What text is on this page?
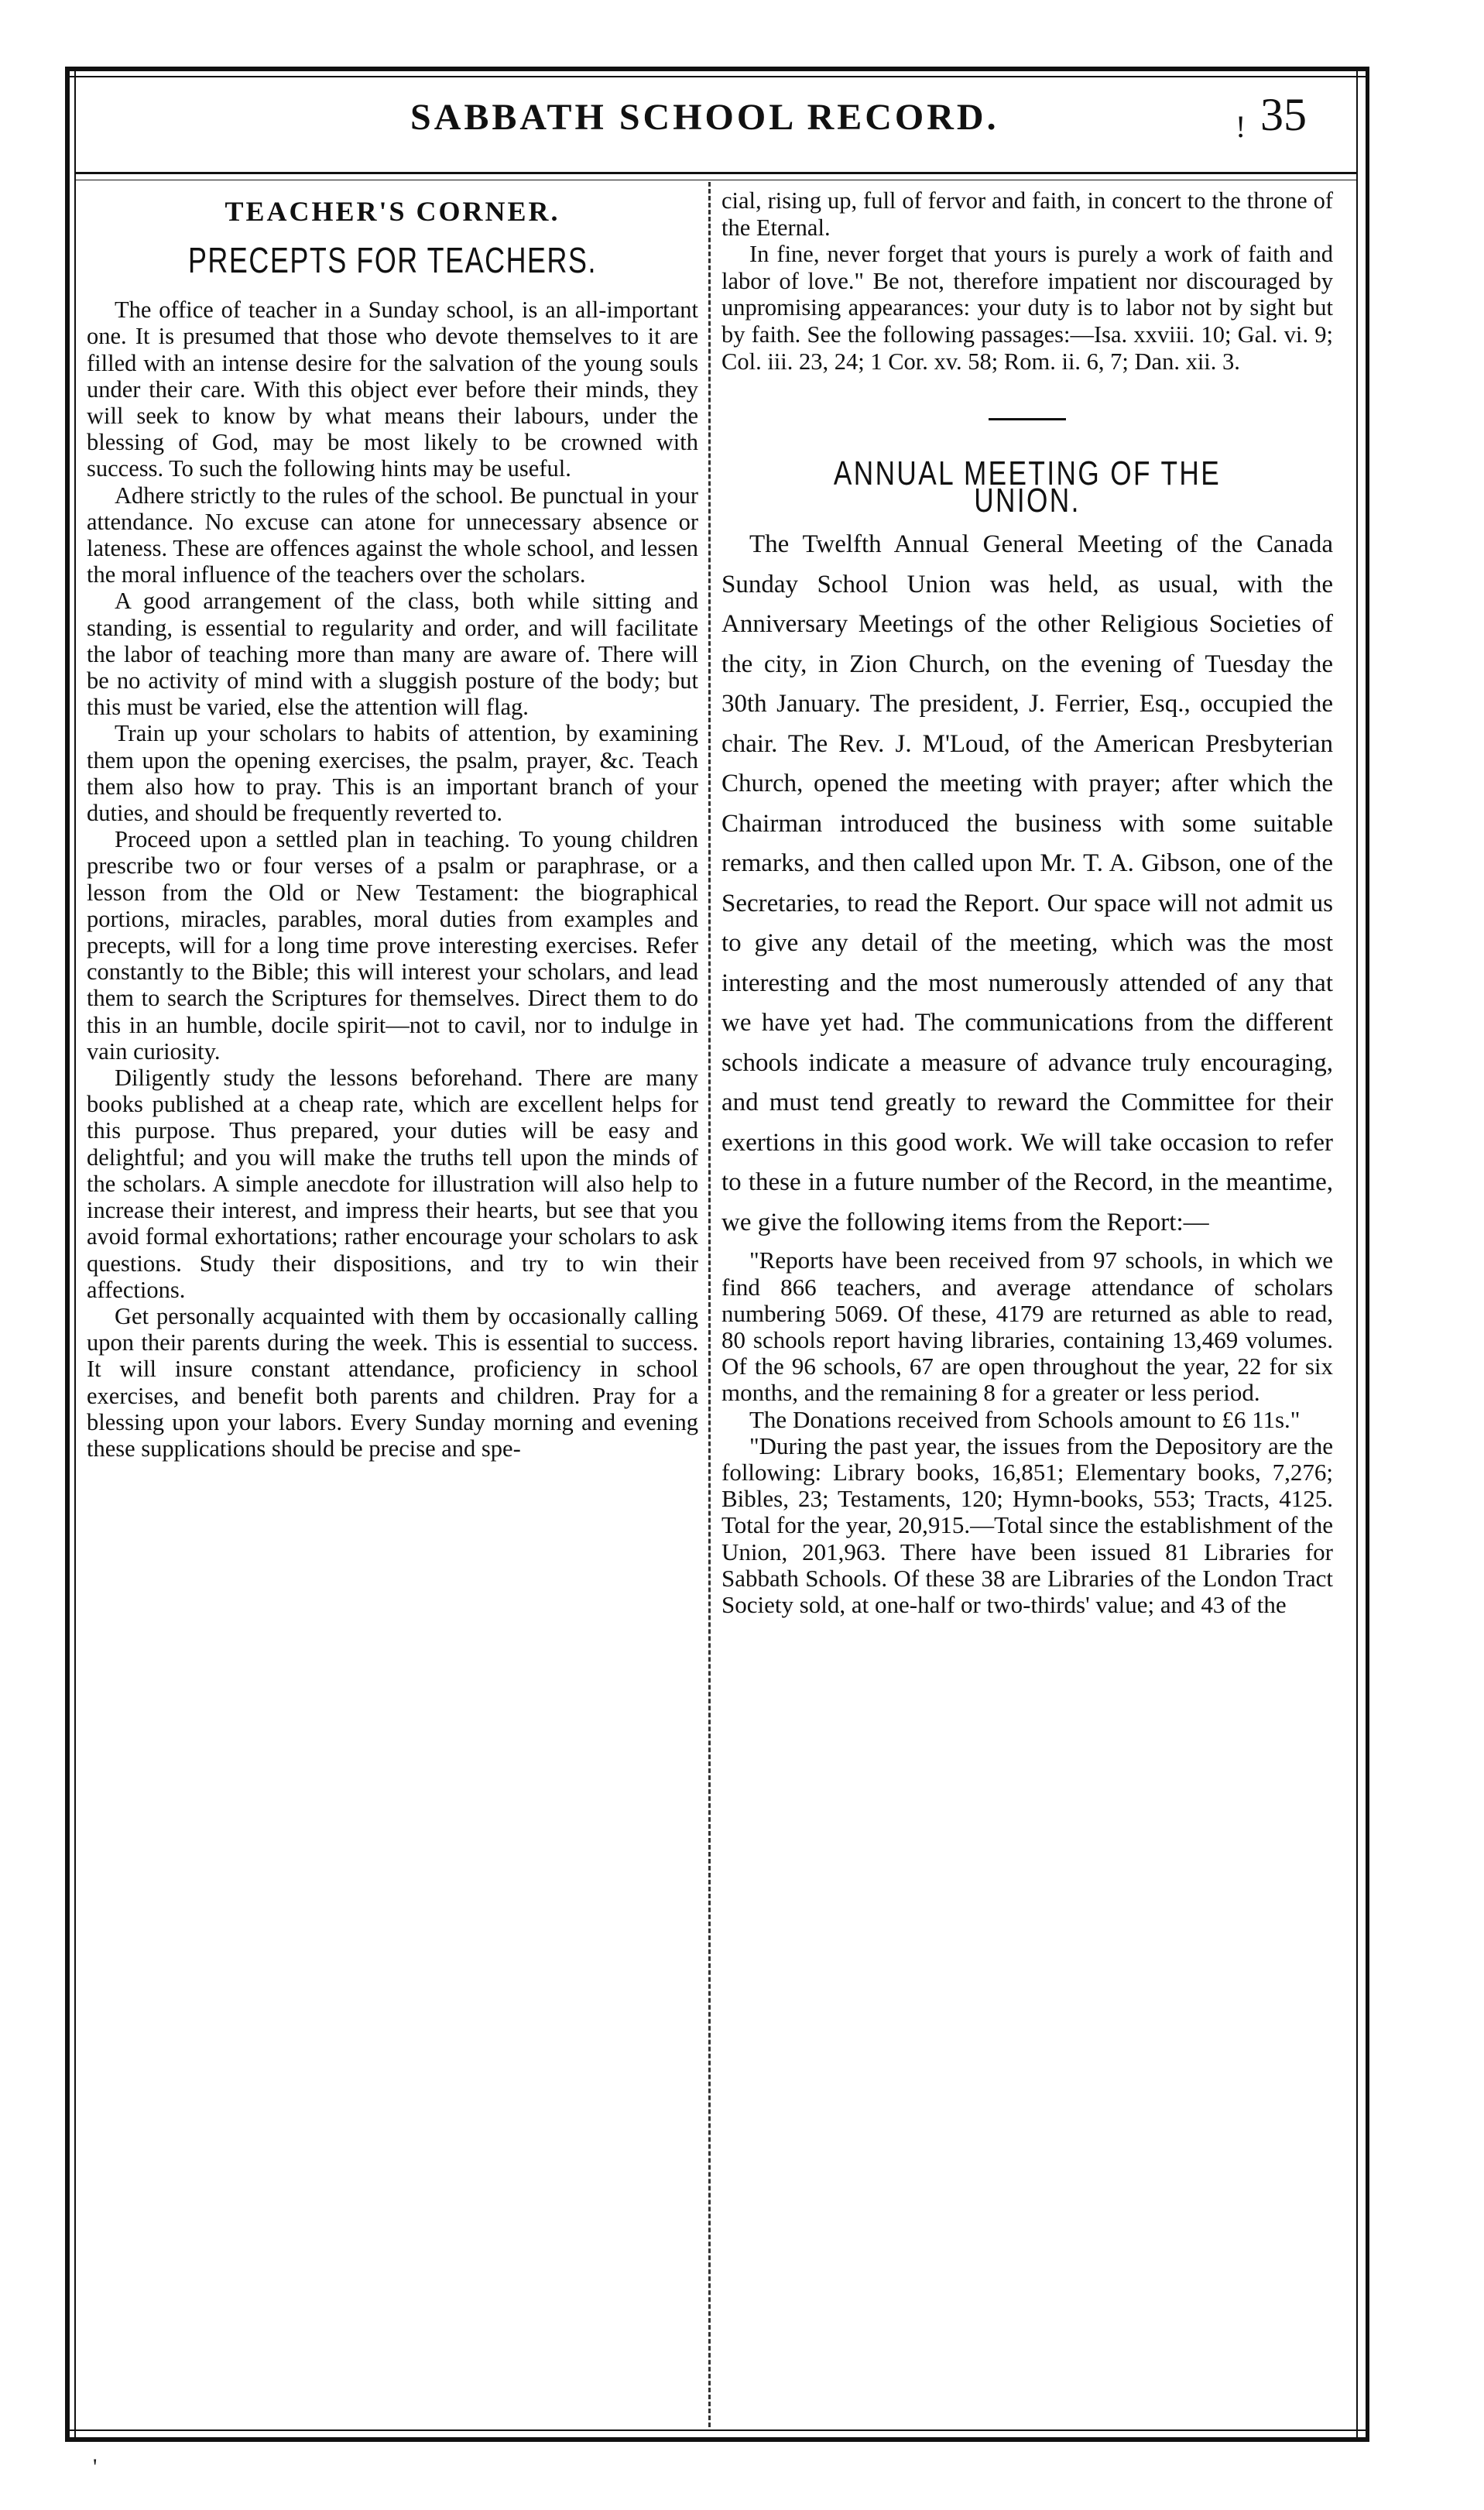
SABBATH SCHOOL RECORD.	! 35
TEACHER'S CORNER.
PRECEPTS FOR TEACHERS.

The office of teacher in a Sunday school, is an all-important one. It is presumed that those who devote themselves to it are filled with an intense desire for the salvation of the young souls under their care. With this object ever before their minds, they will seek to know by what means their labours, under the blessing of God, may be most likely to be crowned with success. To such the following hints may be useful.

Adhere strictly to the rules of the school. Be punctual in your attendance. No excuse can atone for unnecessary absence or lateness. These are offences against the whole school, and lessen the moral influence of the teachers over the scholars.

A good arrangement of the class, both while sitting and standing, is essential to regularity and order, and will facilitate the labor of teaching more than many are aware of. There will be no activity of mind with a sluggish posture of the body; but this must be varied, else the attention will flag.

Train up your scholars to habits of attention, by examining them upon the opening exercises, the psalm, prayer, &c. Teach them also how to pray. This is an important branch of your duties, and should be frequently reverted to.

Proceed upon a settled plan in teaching. To young children prescribe two or four verses of a psalm or paraphrase, or a lesson from the Old or New Testament: the biographical portions, miracles, parables, moral duties from examples and precepts, will for a long time prove interesting exercises. Refer constantly to the Bible; this will interest your scholars, and lead them to search the Scriptures for themselves. Direct them to do this in an humble, docile spirit—not to cavil, nor to indulge in vain curiosity.

Diligently study the lessons beforehand. There are many books published at a cheap rate, which are excellent helps for this purpose. Thus prepared, your duties will be easy and delightful; and you will make the truths tell upon the minds of the scholars. A simple anecdote for illustration will also help to increase their interest, and impress their hearts, but see that you avoid formal exhortations; rather encourage your scholars to ask questions. Study their dispositions, and try to win their affections.

Get personally acquainted with them by occasionally calling upon their parents during the week. This is essential to success. It will insure constant attendance, proficiency in school exercises, and benefit both parents and children. Pray for a blessing upon your labors. Every Sunday morning and evening these supplications should be precise and spe-

cial, rising up, full of fervor and faith, in concert to the throne of the Eternal.

In fine, never forget that yours is purely a work of faith and labor of love." Be not, therefore impatient nor discouraged by unpromising appearances: your duty is to labor not by sight but by faith. See the following passages:—Isa. xxviii. 10; Gal. vi. 9; Col. iii. 23, 24; 1 Cor. xv. 58; Rom. ii. 6, 7; Dan. xii. 3.

ANNUAL MEETING OF THE UNION.

The Twelfth Annual General Meeting of the Canada Sunday School Union was held, as usual, with the Anniversary Meetings of the other Religious Societies of the city, in Zion Church, on the evening of Tuesday the 30th January. The president, J. Ferrier, Esq., occupied the chair. The Rev. J. M'Loud, of the American Presbyterian Church, opened the meeting with prayer; after which the Chairman introduced the business with some suitable remarks, and then called upon Mr. T. A. Gibson, one of the Secretaries, to read the Report. Our space will not admit us to give any detail of the meeting, which was the most interesting and the most numerously attended of any that we have yet had. The communications from the different schools indicate a measure of advance truly encouraging, and must tend greatly to reward the Committee for their exertions in this good work. We will take occasion to refer to these in a future number of the Record, in the meantime, we give the following items from the Report:—

"Reports have been received from 97 schools, in which we find 866 teachers, and average attendance of scholars numbering 5069. Of these, 4179 are returned as able to read, 80 schools report having libraries, containing 13,469 volumes. Of the 96 schools, 67 are open throughout the year, 22 for six months, and the remaining 8 for a greater or less period.

The Donations received from Schools amount to £6 11s."

"During the past year, the issues from the Depository are the following: Library books, 16,851; Elementary books, 7,276; Bibles, 23; Testaments, 120; Hymn-books, 553; Tracts, 4125. Total for the year, 20,915.—Total since the establishment of the Union, 201,963. There have been issued 81 Libraries for Sabbath Schools. Of these 38 are Libraries of the London Tract Society sold, at one-half or two-thirds' value; and 43 of the

'
